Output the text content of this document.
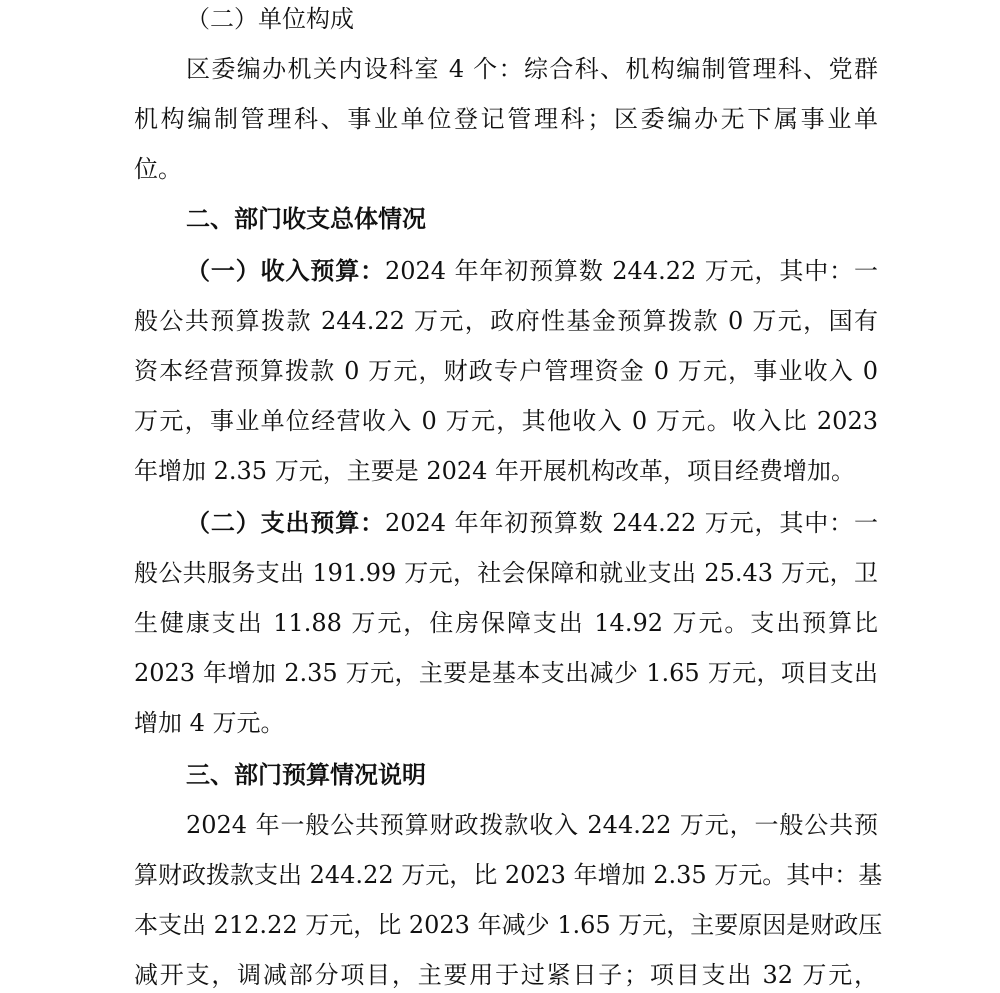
（二）单位构成
区委编办机关内设科室 4 个：综合科、机构编制管理科、党群
机构编制管理科、事业单位登记管理科；区委编办无下属事业单
位。
二、部门收支总体情况
（一）收入预算：2024 年年初预算数 244.22 万元，其中：一
般公共预算拨款 244.22 万元，政府性基金预算拨款 0 万元，国有
资本经营预算拨款 0 万元，财政专户管理资金 0 万元，事业收入 0
万元，事业单位经营收入 0 万元，其他收入 0 万元。收入比 2023
年增加 2.35 万元，主要是 2024 年开展机构改革，项目经费增加。
（二）支出预算：2024 年年初预算数 244.22 万元，其中：一
般公共服务支出 191.99 万元，社会保障和就业支出 25.43 万元，卫
生健康支出 11.88 万元，住房保障支出 14.92 万元。支出预算比
2023 年增加 2.35 万元，主要是基本支出减少 1.65 万元，项目支出
增加 4 万元。
三、部门预算情况说明
2024 年一般公共预算财政拨款收入 244.22 万元，一般公共预
算财政拨款支出 244.22 万元，比 2023 年增加 2.35 万元。其中：基
本支出 212.22 万元，比 2023 年减少 1.65 万元，主要原因是财政压
减开支，调减部分项目，主要用于过紧日子；项目支出 32 万元，
